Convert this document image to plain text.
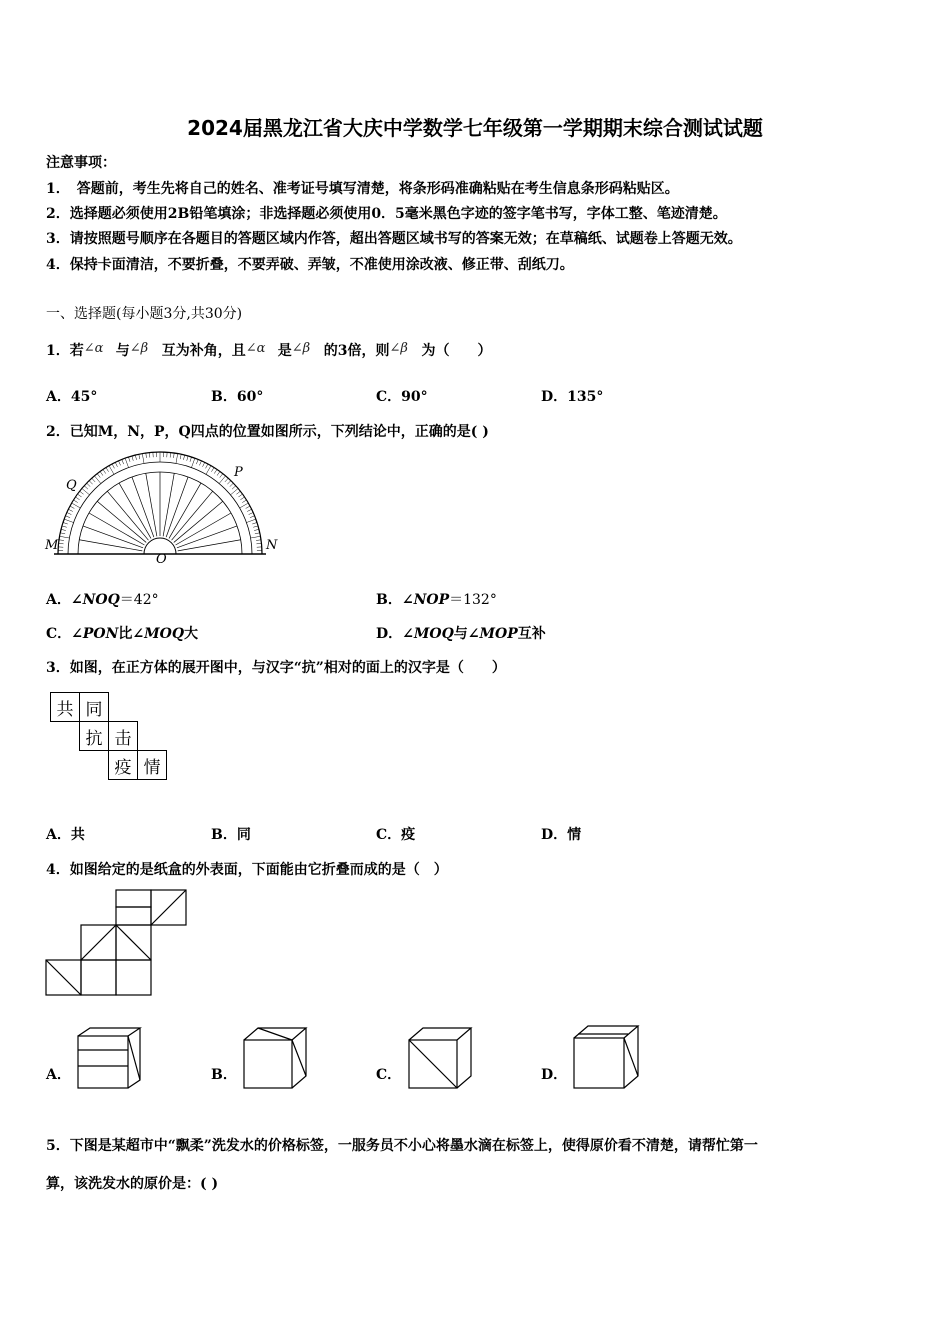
2024届黑龙江省大庆中学数学七年级第一学期期末综合测试试题
注意事项：
1．　答题前，考生先将自己的姓名、准考证号填写清楚，将条形码准确粘贴在考生信息条形码粘贴区。
2．选择题必须使用2B铅笔填涂；非选择题必须使用0．5毫米黑色字迹的签字笔书写，字体工整、笔迹清楚。
3．请按照题号顺序在各题目的答题区域内作答，超出答题区域书写的答案无效；在草稿纸、试题卷上答题无效。
4．保持卡面清洁，不要折叠，不要弄破、弄皱，不准使用涂改液、修正带、刮纸刀。
一、选择题(每小题3分,共30分)
1．若 ∠α 与 ∠β 互为补角，且 ∠α 是 ∠β 的3倍，则 ∠β 为（　　）
A．45°	B．60°	C．90°	D．135°
2．已知M，N，P，Q四点的位置如图所示，下列结论中，正确的是( )
M	N
O
P
Q
A．∠NOQ＝42°	B．∠NOP＝132°
C．∠PON比∠MOQ大	D．∠MOQ与∠MOP互补
3．如图，在正方体的展开图中，与汉字“抗”相对的面上的汉字是（　　）
共	同		
	抗	击	
		疫	情
A．共	B．同	C．疫	D．情
4．如图给定的是纸盒的外表面，下面能由它折叠而成的是（　）
A．	B．	C．	D．
5．下图是某超市中“飘柔”洗发水的价格标签，一服务员不小心将墨水滴在标签上，使得原价看不清楚，请帮忙第一
算，该洗发水的原价是：( )
